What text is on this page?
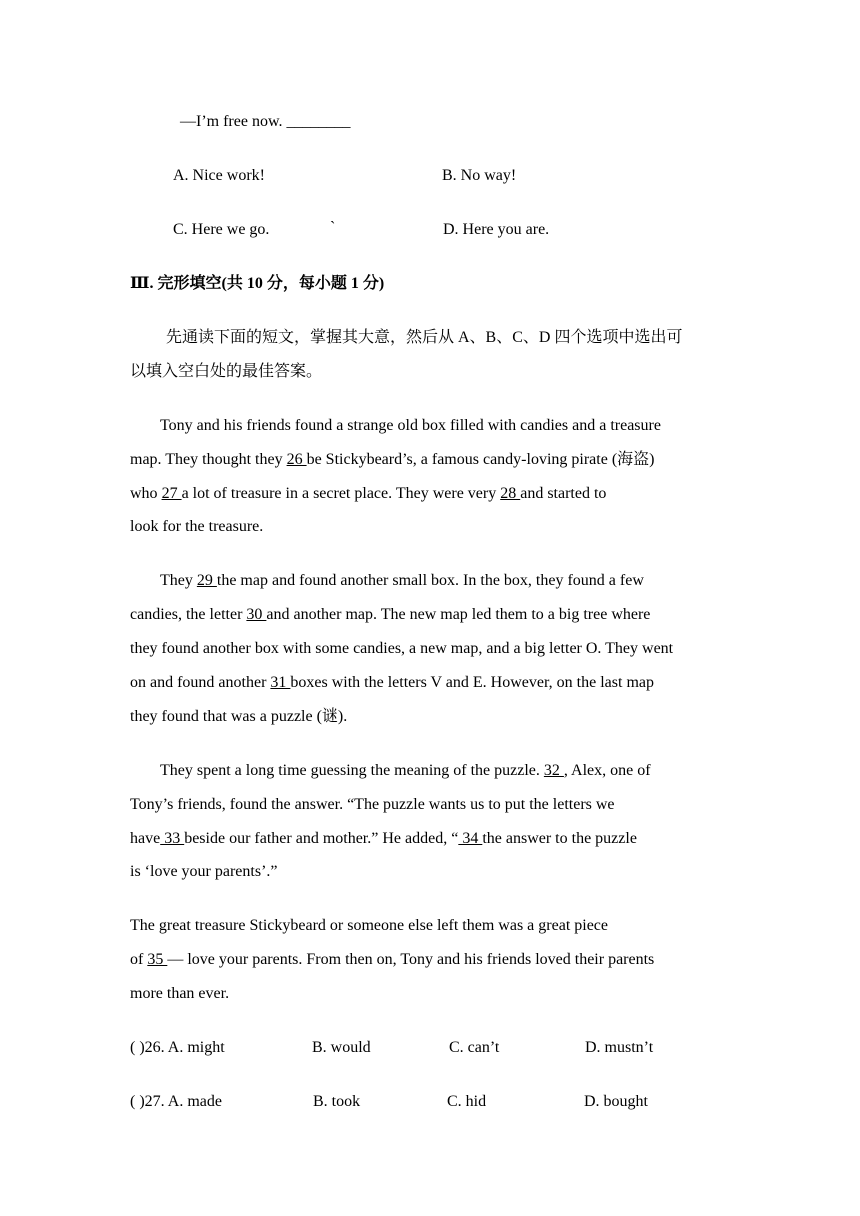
—I’m free now. ________
A. Nice work!	B. No way!
C. Here we go.	`	D. Here you are.
Ⅲ. 完形填空(共 10 分，每小题 1 分)
先通读下面的短文，掌握其大意，然后从 A、B、C、D 四个选项中选出可
以填入空白处的最佳答案。
Tony and his friends found a strange old box filled with candies and a treasure
map. They thought they 26 be Stickybeard’s, a famous candy-loving pirate (海盗)
who 27 a lot of treasure in a secret place. They were very 28 and started to
look for the treasure.
They 29 the map and found another small box. In the box, they found a few
candies, the letter 30 and another map. The new map led them to a big tree where
they found another box with some candies, a new map, and a big letter O. They went
on and found another 31 boxes with the letters V and E. However, on the last map
they found that was a puzzle (谜).
They spent a long time guessing the meaning of the puzzle. 32 , Alex, one of
Tony’s friends, found the answer. “The puzzle wants us to put the letters we
have 33 beside our father and mother.” He added, “ 34 the answer to the puzzle
is ‘love your parents’.”
The great treasure Stickybeard or someone else left them was a great piece
of 35 — love your parents. From then on, Tony and his friends loved their parents
more than ever.
( )26. A. might	B. would	C. can’t	D. mustn’t
( )27. A. made	B. took	C. hid	D. bought
